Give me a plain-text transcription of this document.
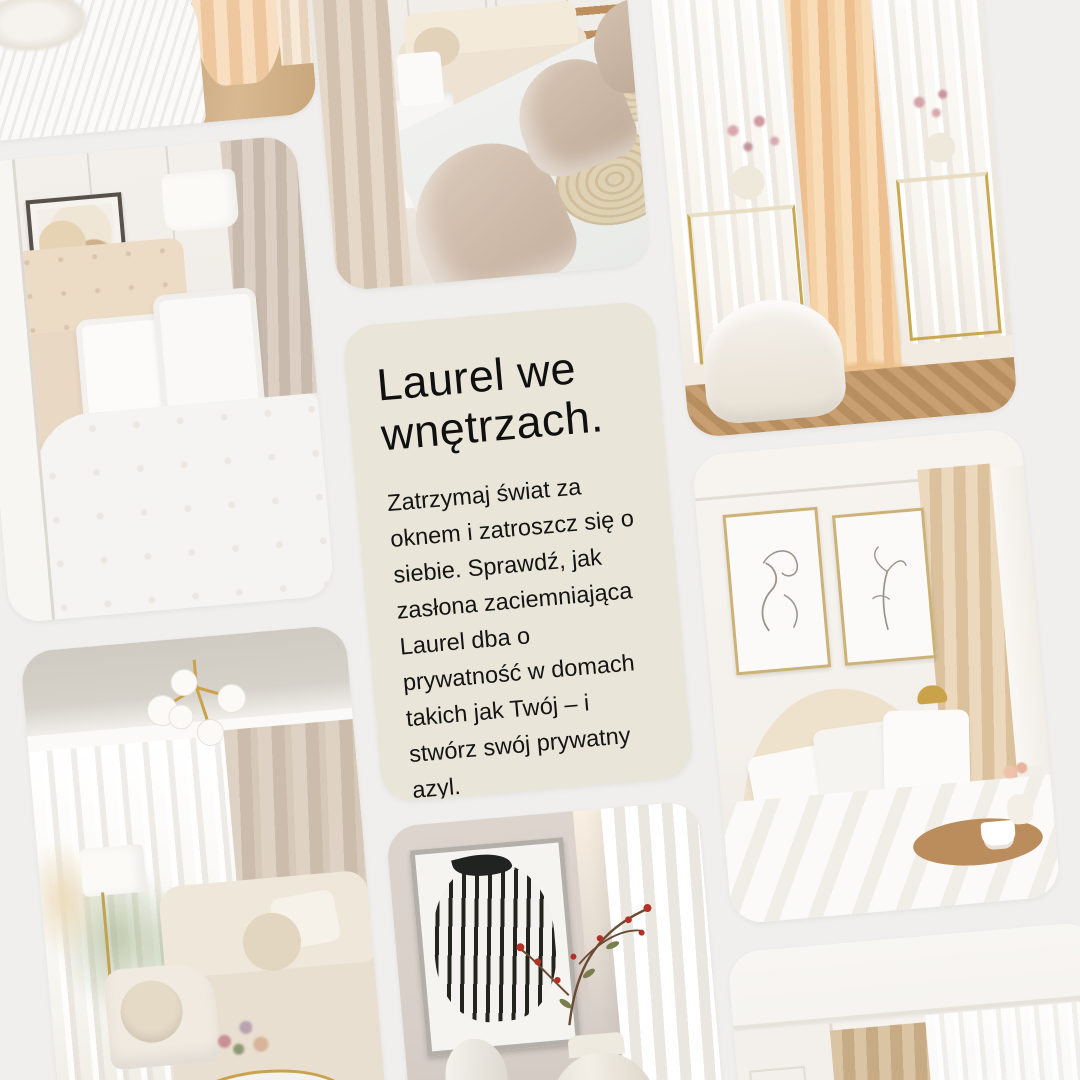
Laurel we
wnętrzach.

Zatrzymaj świat za
oknem i zatroszcz się o
siebie. Sprawdź, jak
zasłona zaciemniająca
Laurel dba o
prywatność w domach
takich jak Twój – i
stwórz swój prywatny
azyl.
